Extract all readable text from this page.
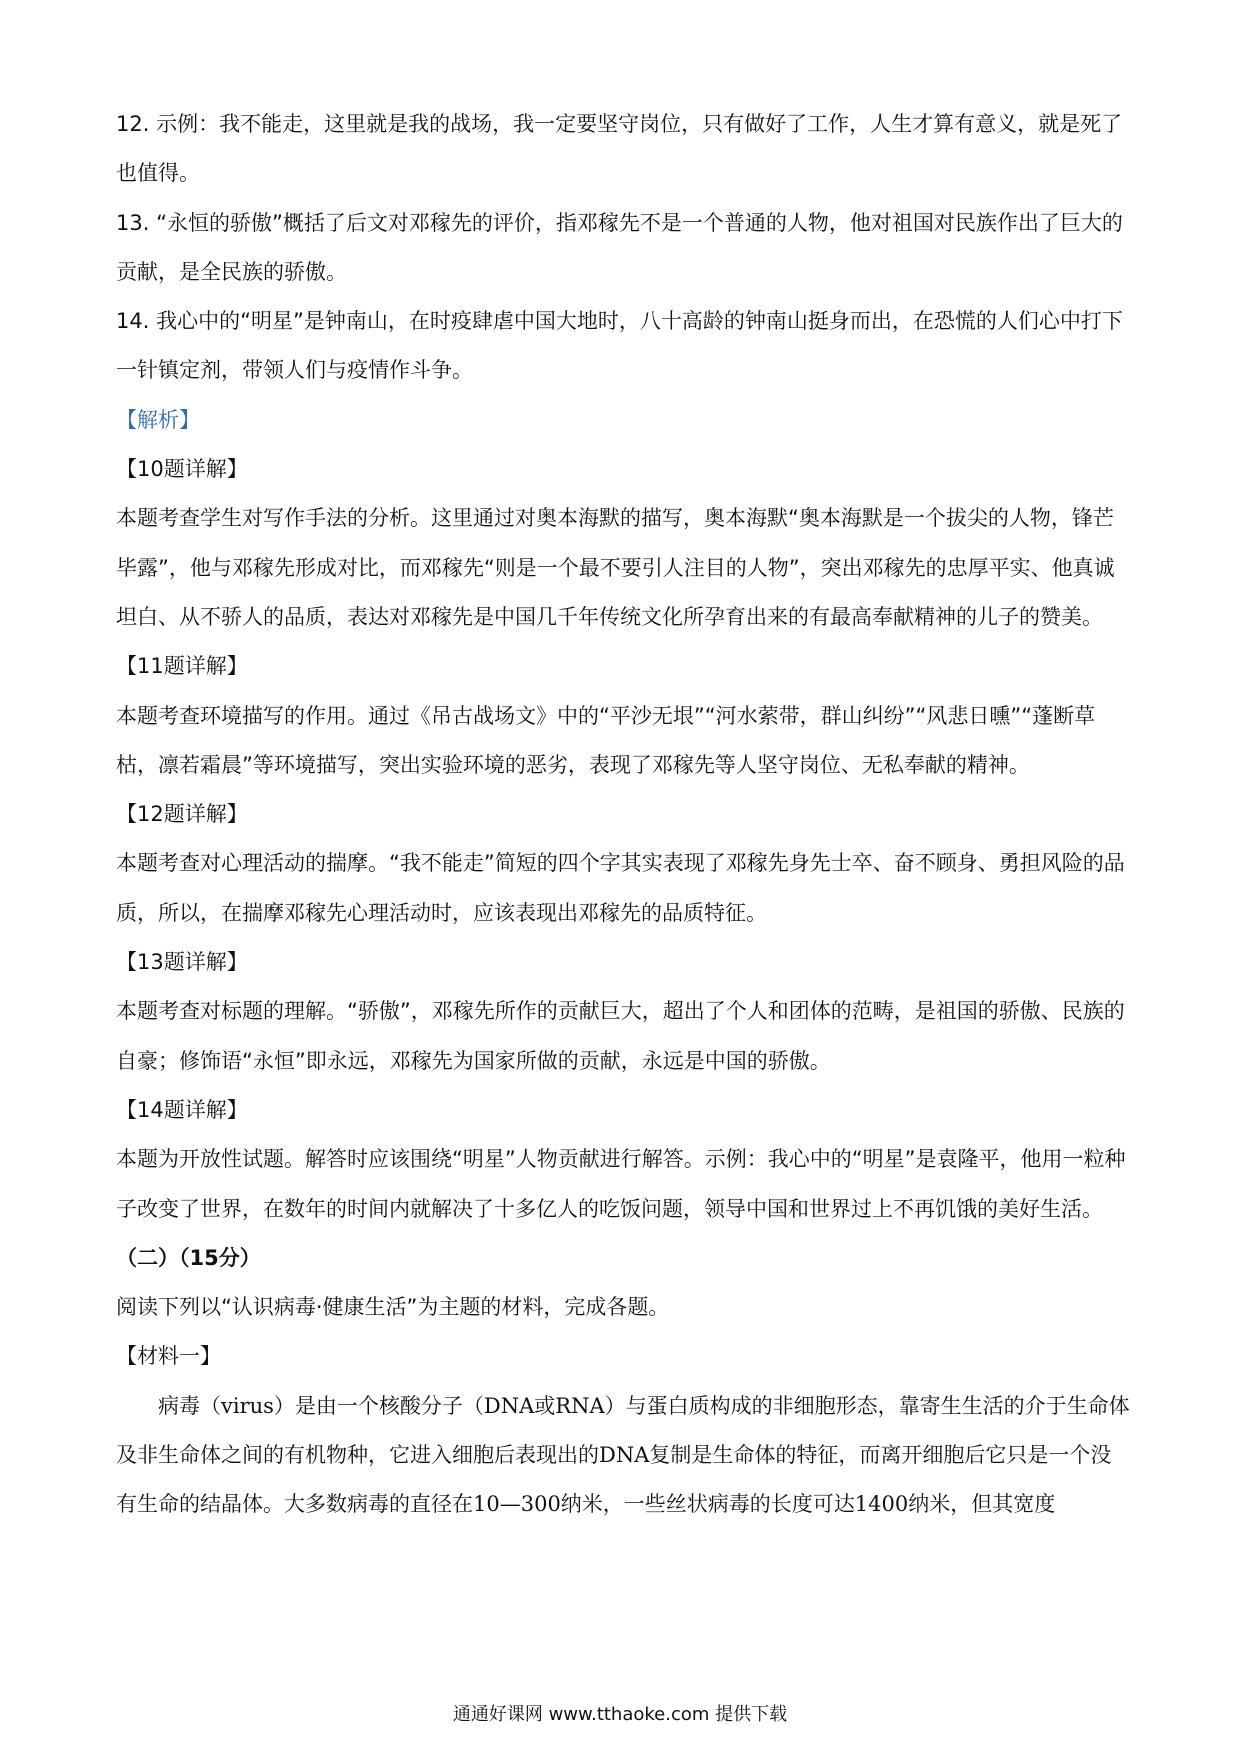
12. 示例：我不能走，这里就是我的战场，我一定要坚守岗位，只有做好了工作，人生才算有意义，就是死了也值得。
13. “永恒的骄傲”概括了后文对邓稼先的评价，指邓稼先不是一个普通的人物，他对祖国对民族作出了巨大的贡献，是全民族的骄傲。
14. 我心中的“明星”是钟南山，在时疫肆虐中国大地时，八十高龄的钟南山挺身而出，在恐慌的人们心中打下一针镇定剂，带领人们与疫情作斗争。
【解析】
【10题详解】
本题考查学生对写作手法的分析。这里通过对奥本海默的描写，奥本海默“奥本海默是一个拔尖的人物，锋芒毕露”，他与邓稼先形成对比，而邓稼先“则是一个最不要引人注目的人物”，突出邓稼先的忠厚平实、他真诚坦白、从不骄人的品质，表达对邓稼先是中国几千年传统文化所孕育出来的有最高奉献精神的儿子的赞美。
【11题详解】
本题考查环境描写的作用。通过《吊古战场文》中的“平沙无垠”“河水萦带，群山纠纷”“风悲日曛”“蓬断草枯，凛若霜晨”等环境描写，突出实验环境的恶劣，表现了邓稼先等人坚守岗位、无私奉献的精神。
【12题详解】
本题考查对心理活动的揣摩。“我不能走”简短的四个字其实表现了邓稼先身先士卒、奋不顾身、勇担风险的品质，所以，在揣摩邓稼先心理活动时，应该表现出邓稼先的品质特征。
【13题详解】
本题考查对标题的理解。“骄傲”，邓稼先所作的贡献巨大，超出了个人和团体的范畴，是祖国的骄傲、民族的自豪；修饰语“永恒”即永远，邓稼先为国家所做的贡献，永远是中国的骄傲。
【14题详解】
本题为开放性试题。解答时应该围绕“明星”人物贡献进行解答。示例：我心中的“明星”是袁隆平，他用一粒种子改变了世界，在数年的时间内就解决了十多亿人的吃饭问题，领导中国和世界过上不再饥饿的美好生活。
（二）（15分）
阅读下列以“认识病毒·健康生活”为主题的材料，完成各题。
【材料一】
病毒（virus）是由一个核酸分子（DNA或RNA）与蛋白质构成的非细胞形态，靠寄生生活的介于生命体及非生命体之间的有机物种，它进入细胞后表现出的DNA复制是生命体的特征，而离开细胞后它只是一个没有生命的结晶体。大多数病毒的直径在10—300纳米，一些丝状病毒的长度可达1400纳米，但其宽度
通通好课网 www.tthaoke.com 提供下载
